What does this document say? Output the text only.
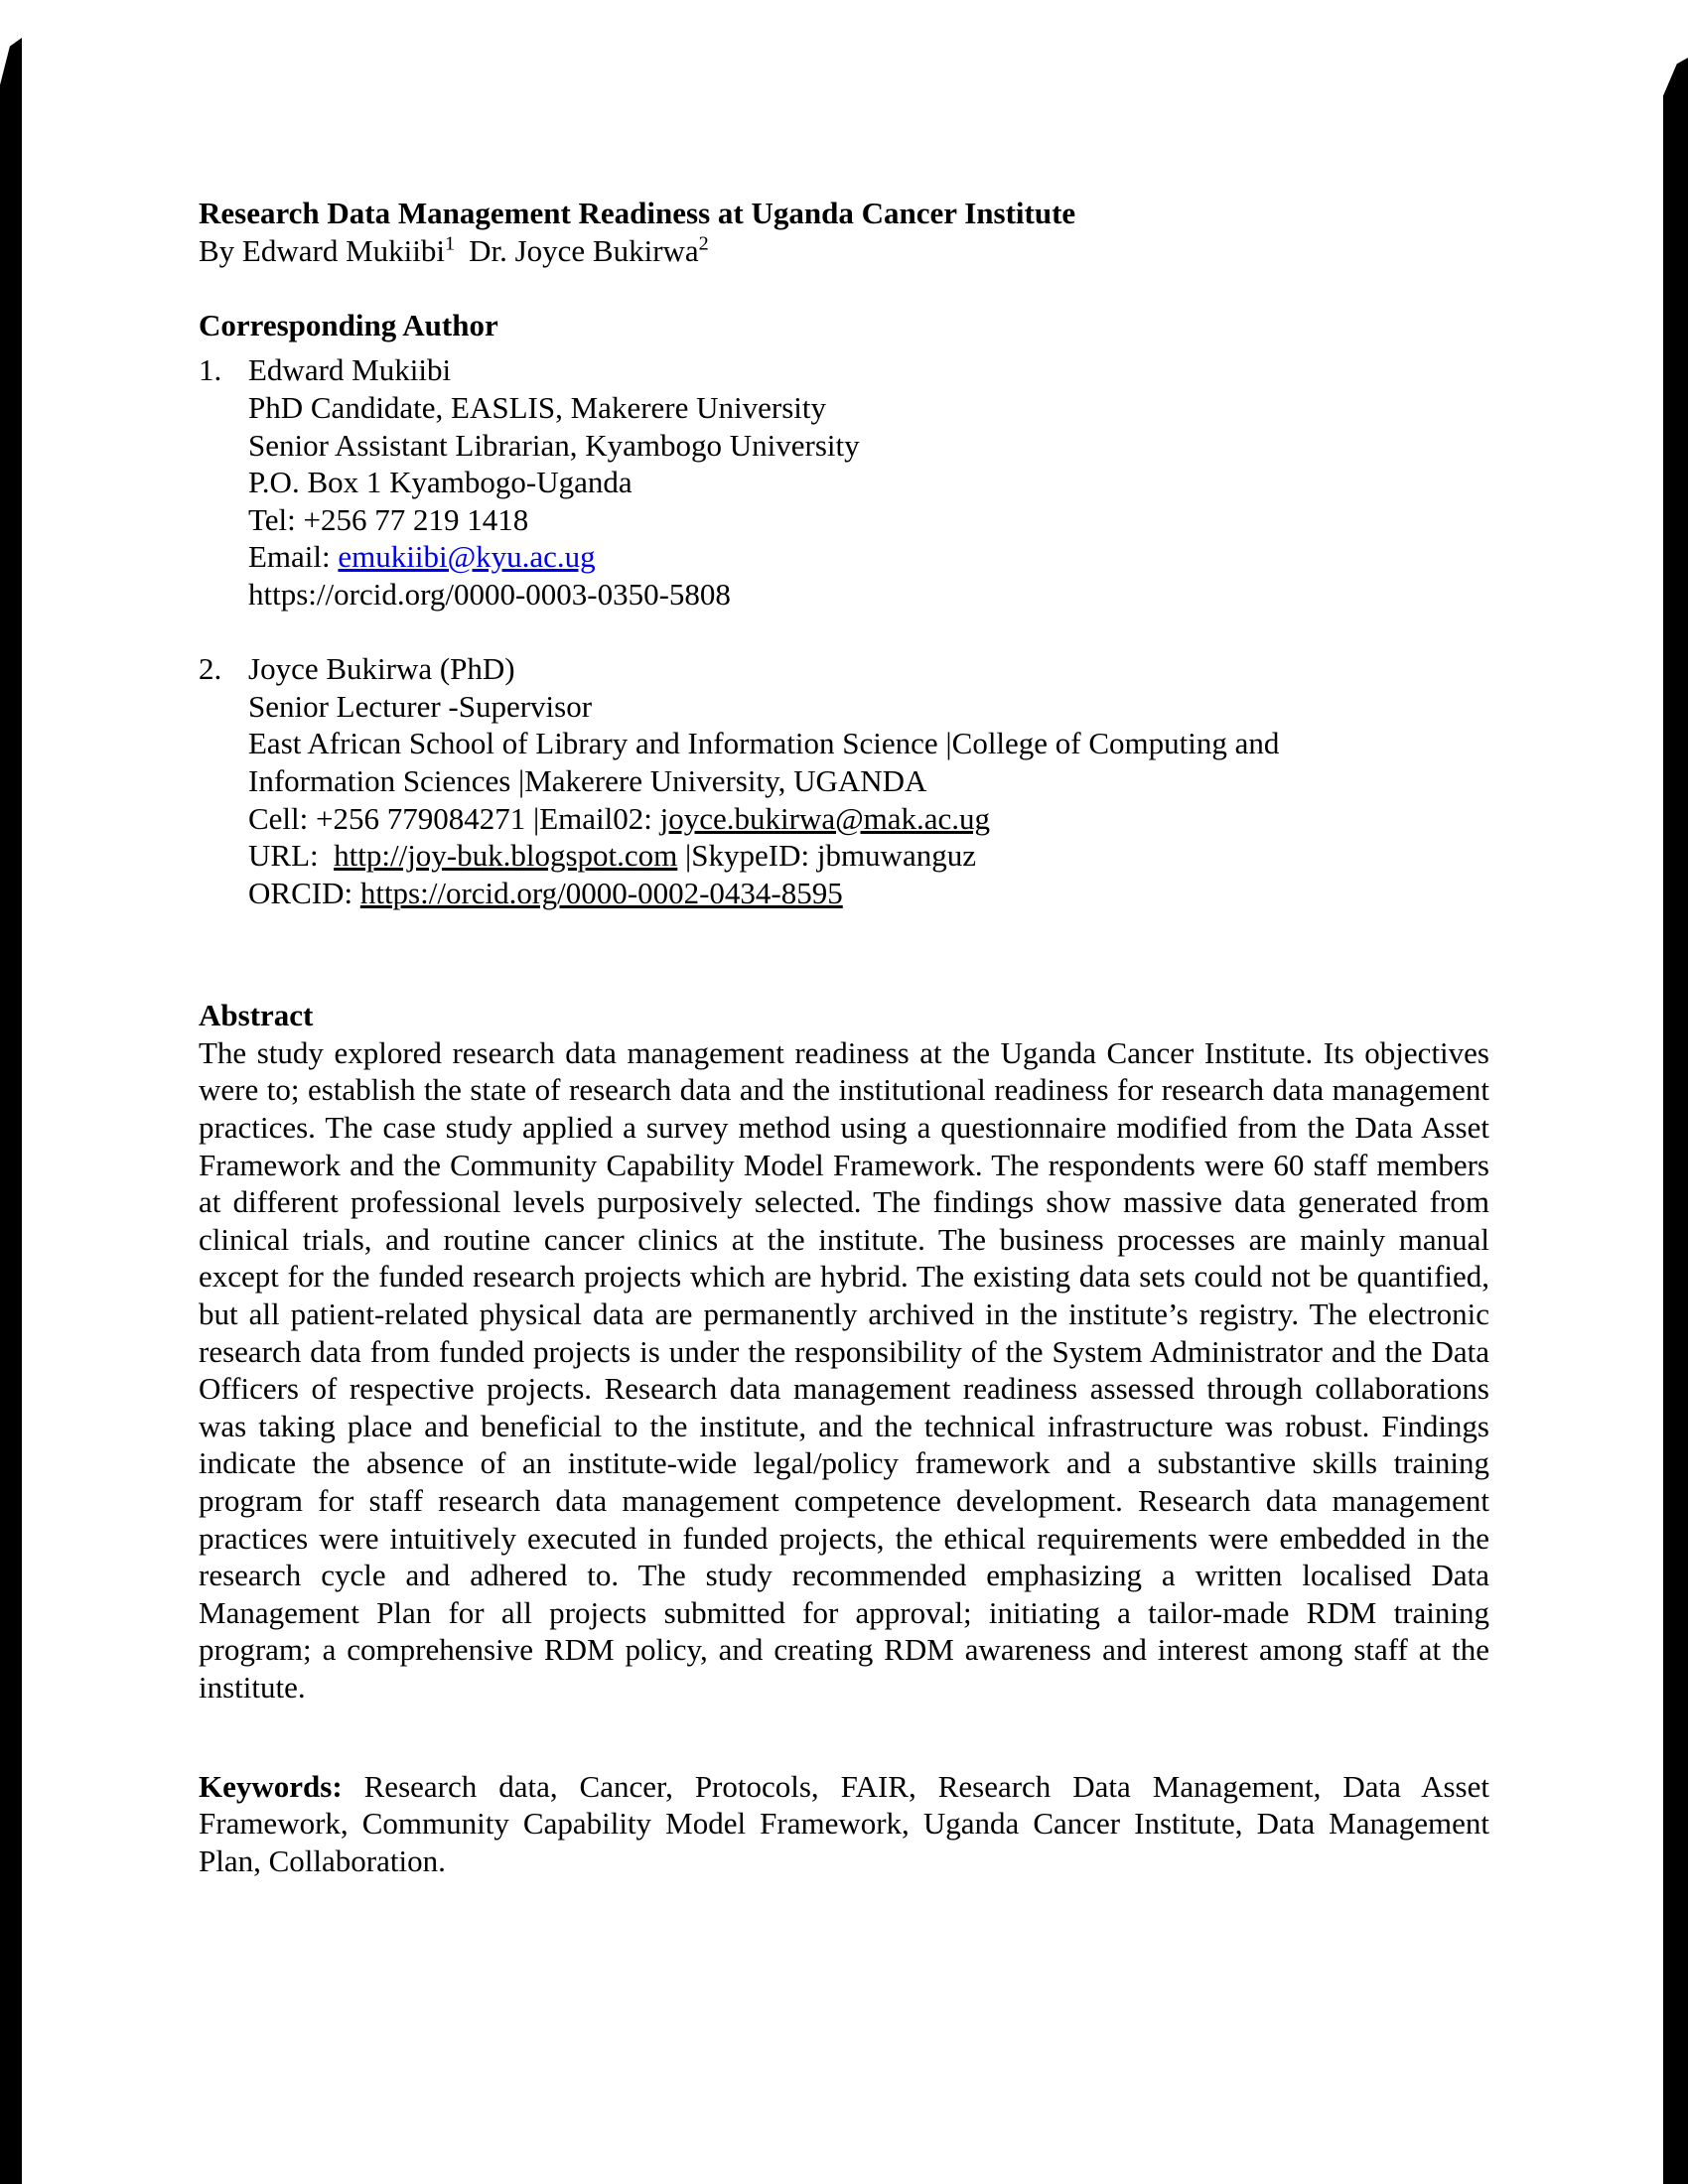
Research Data Management Readiness at Uganda Cancer Institute
By Edward Mukiibi$^1$ Dr. Joyce Bukirwa$^2$
Corresponding Author
1. Edward Mukiibi
PhD Candidate, EASLIS, Makerere University
Senior Assistant Librarian, Kyambogo University
P.O. Box 1 Kyambogo-Uganda
Tel: +256 77 219 1418
Email: emukiibi@kyu.ac.ug
https://orcid.org/0000-0003-0350-5808
2. Joyce Bukirwa (PhD)
Senior Lecturer -Supervisor
East African School of Library and Information Science |College of Computing and
Information Sciences |Makerere University, UGANDA
Cell: +256 779084271 |Email02: joyce.bukirwa@mak.ac.ug
URL:  http://joy-buk.blogspot.com |SkypeID: jbmuwanguz
ORCID: https://orcid.org/0000-0002-0434-8595
Abstract
The study explored research data management readiness at the Uganda Cancer Institute. Its objectives were to; establish the state of research data and the institutional readiness for research data management practices. The case study applied a survey method using a questionnaire modified from the Data Asset Framework and the Community Capability Model Framework. The respondents were 60 staff members at different professional levels purposively selected. The findings show massive data generated from clinical trials, and routine cancer clinics at the institute. The business processes are mainly manual except for the funded research projects which are hybrid. The existing data sets could not be quantified, but all patient-related physical data are permanently archived in the institute’s registry. The electronic research data from funded projects is under the responsibility of the System Administrator and the Data Officers of respective projects. Research data management readiness assessed through collaborations was taking place and beneficial to the institute, and the technical infrastructure was robust. Findings indicate the absence of an institute-wide legal/policy framework and a substantive skills training program for staff research data management competence development. Research data management practices were intuitively executed in funded projects, the ethical requirements were embedded in the research cycle and adhered to. The study recommended emphasizing a written localised Data Management Plan for all projects submitted for approval; initiating a tailor-made RDM training program; a comprehensive RDM policy, and creating RDM awareness and interest among staff at the institute.
Keywords: Research data, Cancer, Protocols, FAIR, Research Data Management, Data Asset Framework, Community Capability Model Framework, Uganda Cancer Institute, Data Management Plan, Collaboration.
